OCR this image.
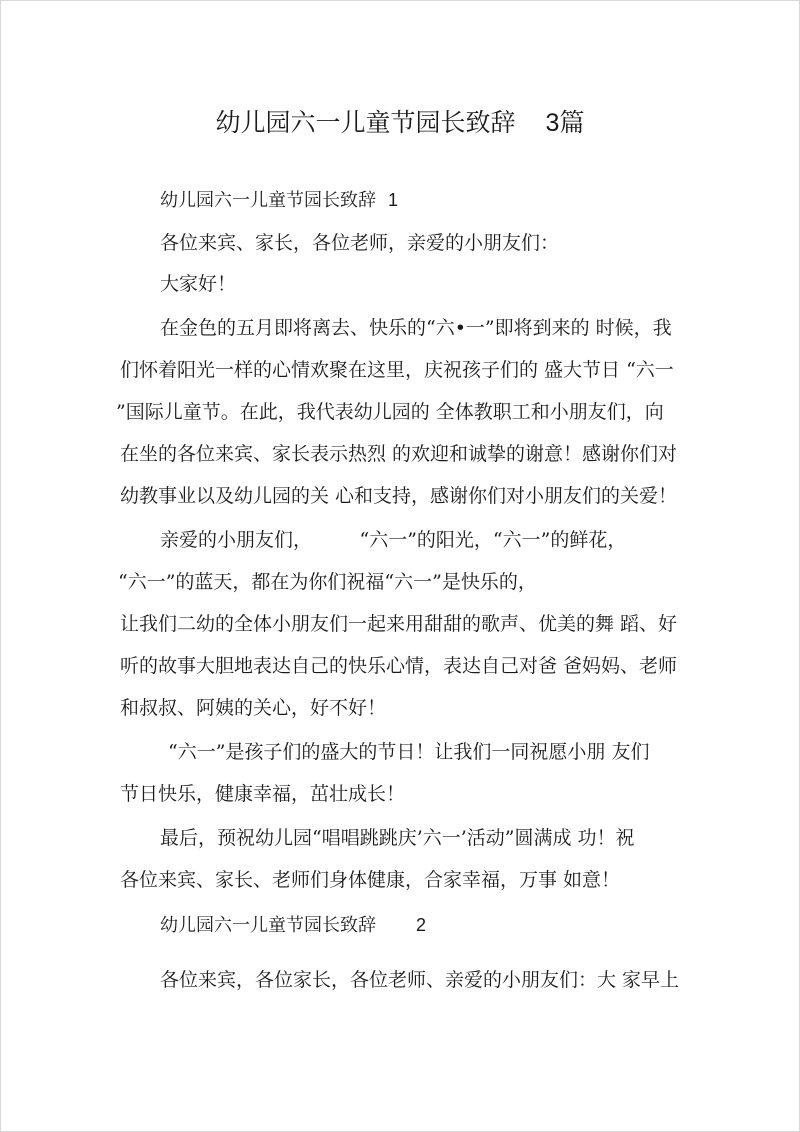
幼儿园六一儿童节园长致辞 3篇
幼儿园六一儿童节园长致辞 1
各位来宾、家长，各位老师，亲爱的小朋友们：
大家好！
在金色的五月即将离去、快乐的“六•一”即将到来的 时候，我
们怀着阳光一样的心情欢聚在这里，庆祝孩子们的 盛大节日 “六一
”国际儿童节。在此，我代表幼儿园的 全体教职工和小朋友们，向
在坐的各位来宾、家长表示热烈 的欢迎和诚挚的谢意！感谢你们对
幼教事业以及幼儿园的关 心和支持，感谢你们对小朋友们的关爱！
亲爱的小朋友们，　　　“六一”的阳光，“六一”的鲜花，
“六一”的蓝天，都在为你们祝福“六一”是快乐的，
让我们二幼的全体小朋友们一起来用甜甜的歌声、优美的舞 蹈、好
听的故事大胆地表达自己的快乐心情，表达自己对爸 爸妈妈、老师
和叔叔、阿姨的关心，好不好！
“六一”是孩子们的盛大的节日！让我们一同祝愿小朋 友们
节日快乐，健康幸福，茁壮成长！
最后，预祝幼儿园“唱唱跳跳庆’六一’活动”圆满成 功！祝
各位来宾、家长、老师们身体健康，合家幸福，万事 如意！
幼儿园六一儿童节园长致辞 2
各位来宾，各位家长，各位老师、亲爱的小朋友们：大 家早上
